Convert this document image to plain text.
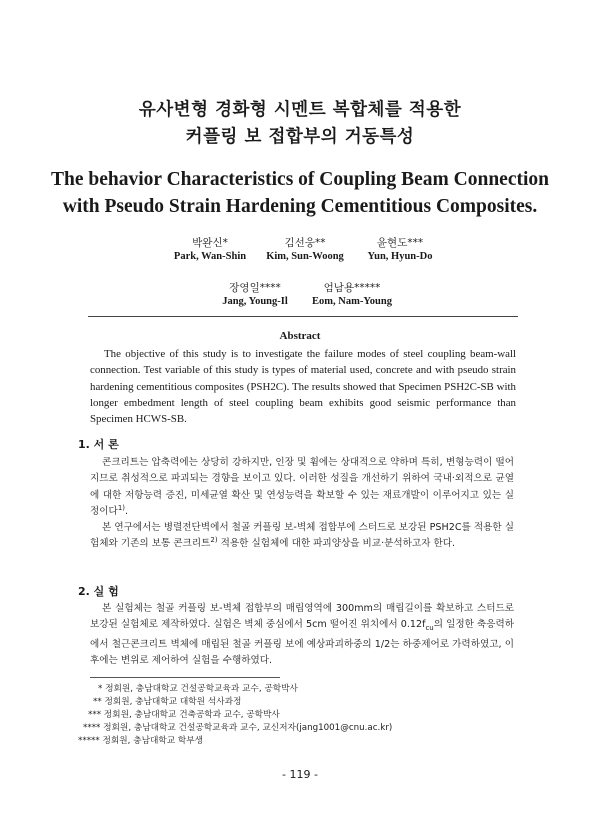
유사변형 경화형 시멘트 복합체를 적용한
커플링 보 접합부의 거동특성
The behavior Characteristics of Coupling Beam Connection
with Pseudo Strain Hardening Cementitious Composites.
박완신*
Park, Wan-Shin
김선웅**
Kim, Sun-Woong
윤현도***
Yun, Hyun-Do
장영일****
Jang, Young-Il
엄남용*****
Eom, Nam-Young
Abstract
The objective of this study is to investigate the failure modes of steel coupling beam-wall connection. Test variable of this study is types of material used, concrete and with pseudo strain hardening cementitious composites (PSH2C). The results showed that Specimen PSH2C-SB with longer embedment length of steel coupling beam exhibits good seismic performance than Specimen HCWS-SB.
1. 서 론
콘크리트는 압축력에는 상당히 강하지만, 인장 및 휨에는 상대적으로 약하며 특히, 변형능력이 떨어지므로 취성적으로 파괴되는 경향을 보이고 있다. 이러한 성질을 개선하기 위하여 국내·외적으로 균열에 대한 저항능력 증진, 미세균열 확산 및 연성능력을 확보할 수 있는 재료개발이 이루어지고 있는 실정이다$^{1)}$.
본 연구에서는 병렬전단벽에서 철골 커플링 보-벽체 접합부에 스터드로 보강된 PSH2C를 적용한 실험체와 기존의 보통 콘크리트$^{2)}$ 적용한 실험체에 대한 파괴양상을 비교·분석하고자 한다.
2. 실 험
본 실험체는 철골 커플링 보-벽체 접합부의 매립영역에 300mm의 매립길이를 확보하고 스터드로 보강된 실험체로 제작하였다. 실험은 벽체 중심에서 5cm 떨어진 위치에서 $0.12f_{cu}$의 일정한 축응력하에서 철근콘크리트 벽체에 매립된 철골 커플링 보에 예상파괴하중의 1/2는 하중제어로 가력하였고, 이후에는 변위로 제어하여 실험을 수행하였다.
* 정회원, 충남대학교 건설공학교육과 교수, 공학박사
** 정회원, 충남대학교 대학원 석사과정
*** 정회원, 충남대학교 건축공학과 교수, 공학박사
**** 정회원, 충남대학교 건설공학교육과 교수, 교신저자(jang1001@cnu.ac.kr)
***** 정회원, 충남대학교 학부생
- 119 -
